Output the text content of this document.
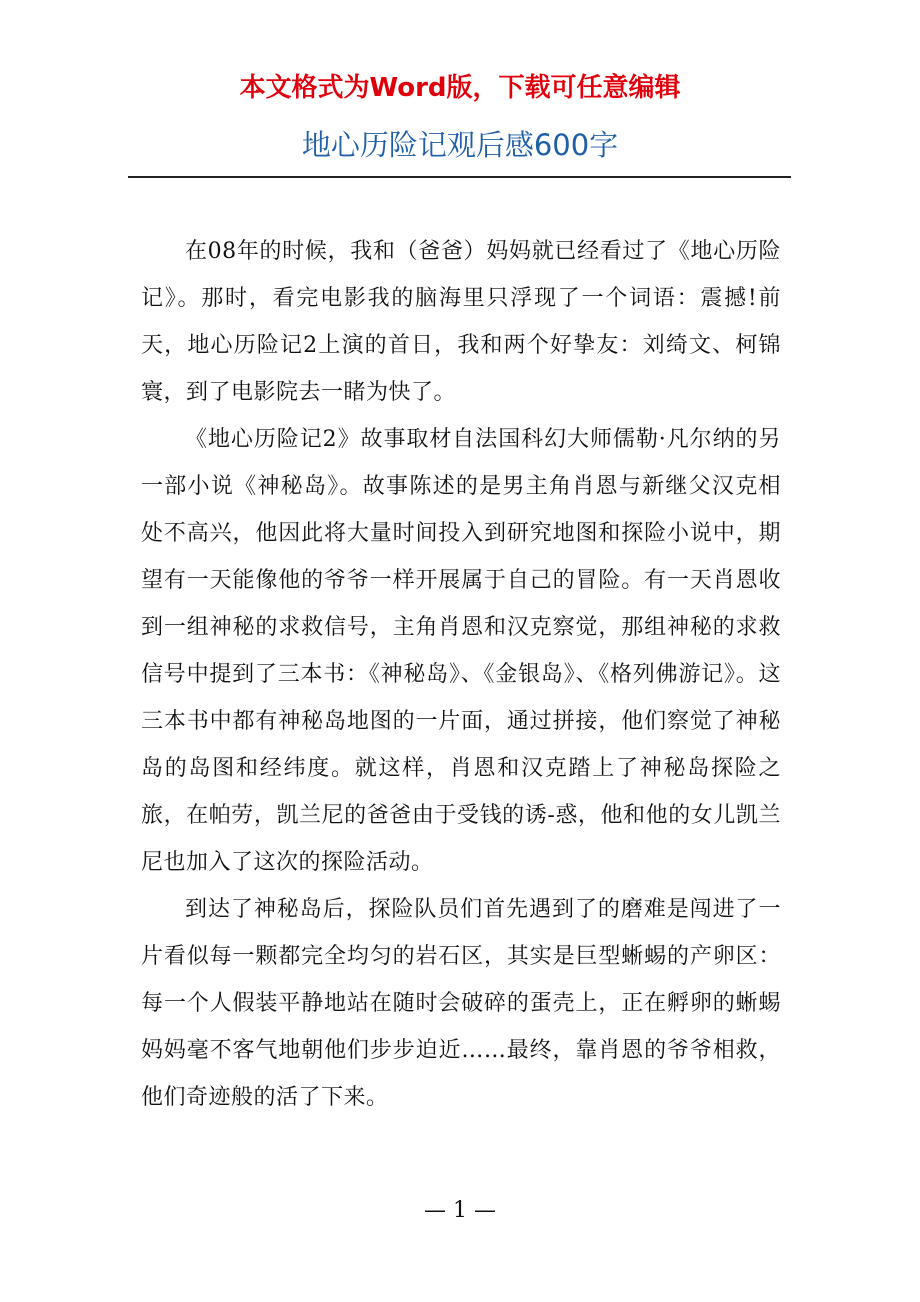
本文格式为Word版，下载可任意编辑
地心历险记观后感600字

在08年的时候，我和（爸爸）妈妈就已经看过了《地心历险记》。那时，看完电影我的脑海里只浮现了一个词语：震撼!前天，地心历险记2上演的首日，我和两个好挚友：刘绮文、柯锦寰，到了电影院去一睹为快了。

《地心历险记2》故事取材自法国科幻大师儒勒·凡尔纳的另一部小说《神秘岛》。故事陈述的是男主角肖恩与新继父汉克相处不高兴，他因此将大量时间投入到研究地图和探险小说中，期望有一天能像他的爷爷一样开展属于自己的冒险。有一天肖恩收到一组神秘的求救信号，主角肖恩和汉克察觉，那组神秘的求救信号中提到了三本书：《神秘岛》、《金银岛》、《格列佛游记》。这三本书中都有神秘岛地图的一片面，通过拼接，他们察觉了神秘岛的岛图和经纬度。就这样，肖恩和汉克踏上了神秘岛探险之旅，在帕劳，凯兰尼的爸爸由于受钱的诱-惑，他和他的女儿凯兰尼也加入了这次的探险活动。

到达了神秘岛后，探险队员们首先遇到了的磨难是闯进了一片看似每一颗都完全均匀的岩石区，其实是巨型蜥蜴的产卵区：每一个人假装平静地站在随时会破碎的蛋壳上，正在孵卵的蜥蜴妈妈毫不客气地朝他们步步迫近……最终，靠肖恩的爷爷相救，他们奇迹般的活了下来。

— 1 —
